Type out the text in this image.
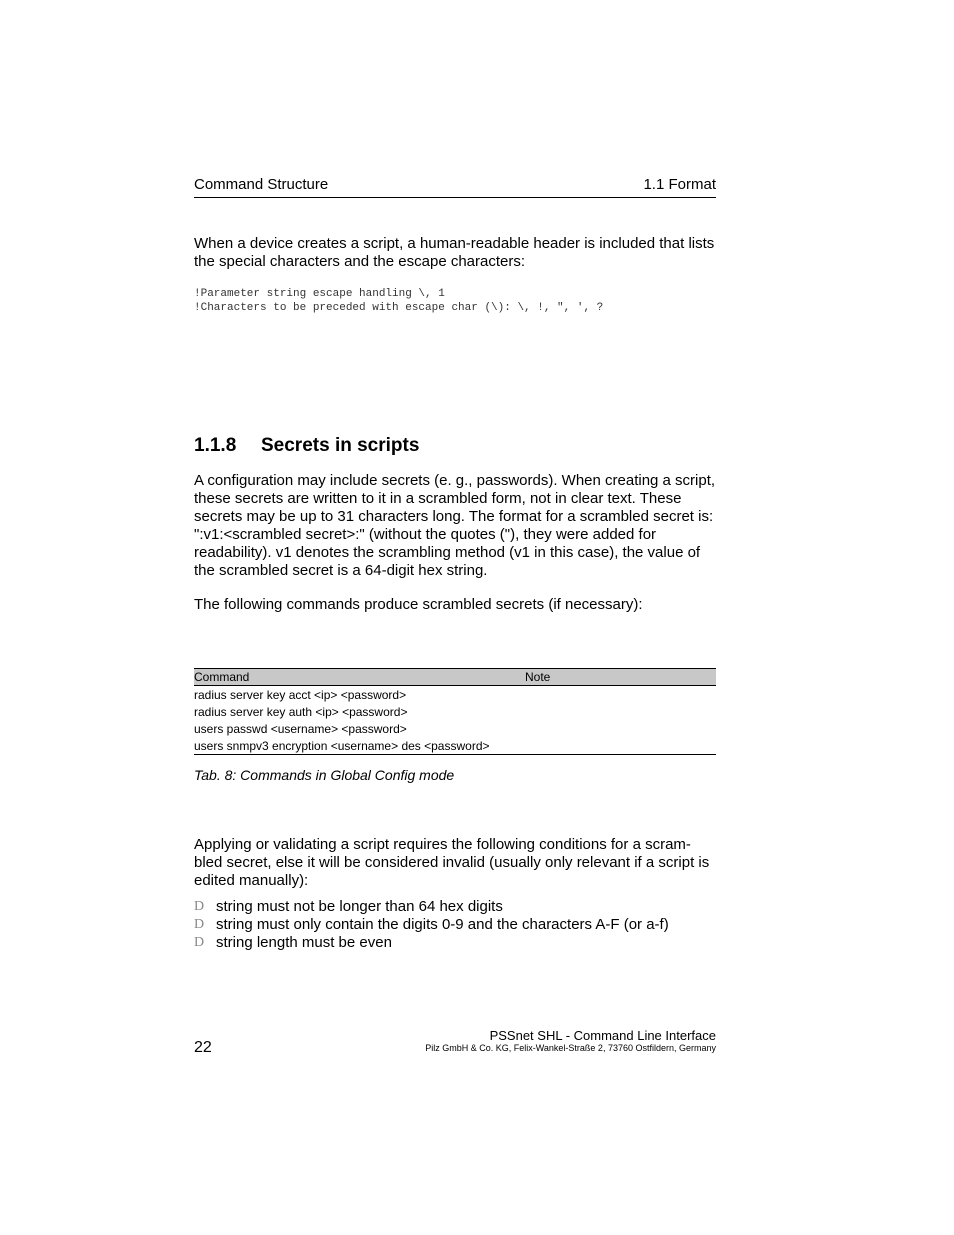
Command Structure	1.1 Format

When a device creates a script, a human-readable header is included that lists the special characters and the escape characters:

!Parameter string escape handling \, 1
!Characters to be preceded with escape char (\): \, !, ", ', ?
1.1.8 Secrets in scripts

A configuration may include secrets (e. g., passwords). When creating a script, these secrets are written to it in a scrambled form, not in clear text. These secrets may be up to 31 characters long. The format for a scrambled secret is: ":v1:<scrambled secret>:" (without the quotes ("), they were added for readability). v1 denotes the scrambling method (v1 in this case), the value of the scrambled secret is a 64-digit hex string.

The following commands produce scrambled secrets (if necessary):

Command	Note
radius server key acct <ip> <password>	
radius server key auth <ip> <password>	
users passwd <username> <password>	
users snmpv3 encryption <username> des <password>	
Tab. 8: Commands in Global Config mode

Applying or validating a script requires the following conditions for a scram-bled secret, else it will be considered invalid (usually only relevant if a script is edited manually):

D string must not be longer than 64 hex digits
D string must only contain the digits 0-9 and the characters A-F (or a-f)
D string length must be even
22
PSSnet SHL - Command Line Interface
Pilz GmbH & Co. KG, Felix-Wankel-Straße 2, 73760 Ostfildern, Germany
